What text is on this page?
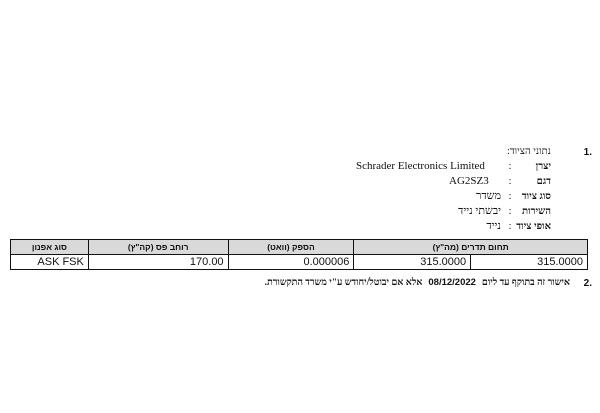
1.
נתוני הציוד:
יצרן:
Schrader Electronics Limited
דגם:
AG2SZ3
סוג ציוד:
משדר
השירות:
יבשתי נייד
אופי ציוד:
נייד
סוג אפנון	רוחב פס (קה"ץ)	הספק (וואט)	תחום תדרים (מה"ץ)	
ASK FSK	170.00	0.000006	315.0000	315.0000
2.
אישור זה בתוקף עד ליום08/12/2022אלא אם יבוטל/יחודש ע"י משרד התקשורת.
